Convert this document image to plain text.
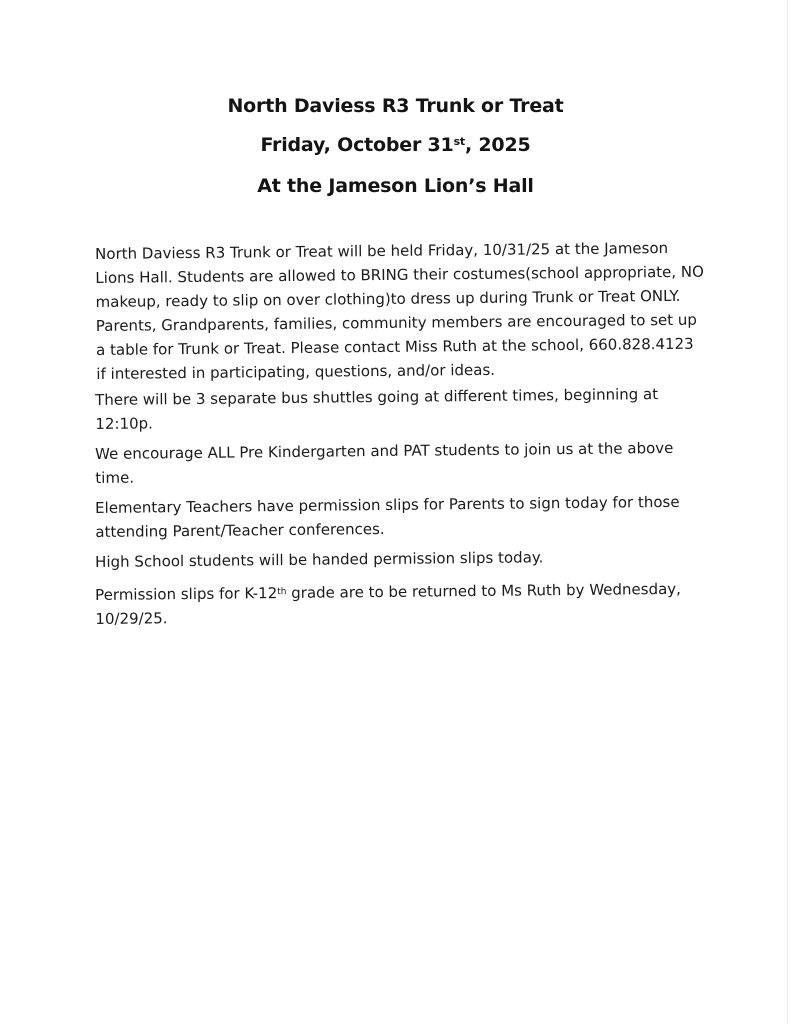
North Daviess R3 Trunk or Treat
Friday, October 31st, 2025
At the Jameson Lion’s Hall

North Daviess R3 Trunk or Treat will be held Friday, 10/31/25 at the Jameson Lions Hall. Students are allowed to BRING their costumes(school appropriate, NO makeup, ready to slip on over clothing)to dress up during Trunk or Treat ONLY. Parents, Grandparents, families, community members are encouraged to set up a table for Trunk or Treat. Please contact Miss Ruth at the school, 660.828.4123 if interested in participating, questions, and/or ideas.

There will be 3 separate bus shuttles going at different times, beginning at 12:10p.

We encourage ALL Pre Kindergarten and PAT students to join us at the above time.

Elementary Teachers have permission slips for Parents to sign today for those attending Parent/Teacher conferences.

High School students will be handed permission slips today.

Permission slips for K-12th grade are to be returned to Ms Ruth by Wednesday, 10/29/25.
